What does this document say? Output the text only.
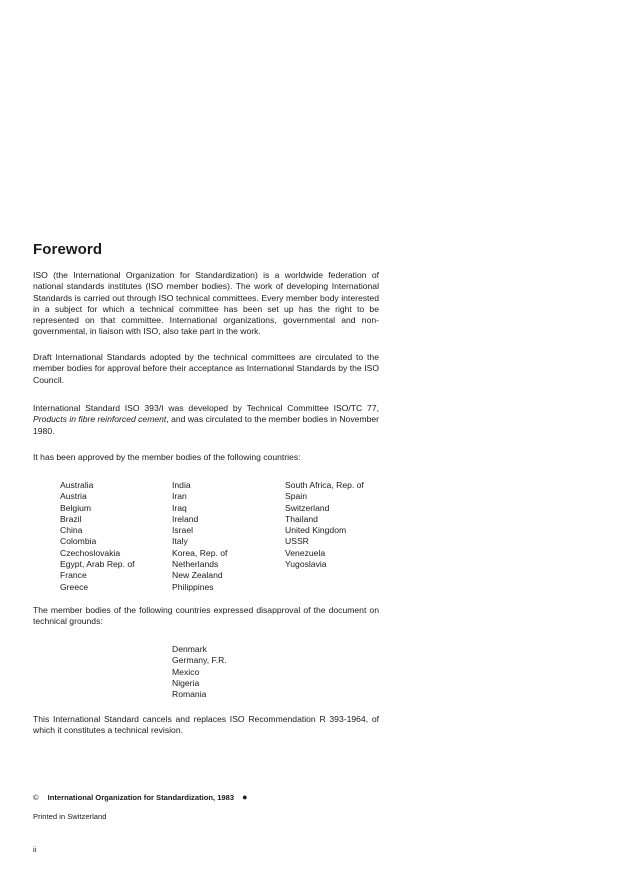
Foreword
ISO (the International Organization for Standardization) is a worldwide federation of national standards institutes (ISO member bodies). The work of developing International Standards is carried out through ISO technical committees. Every member body interested in a subject for which a technical committee has been set up has the right to be represented on that committee. International organizations, governmental and non-governmental, in liaison with ISO, also take part in the work.
Draft International Standards adopted by the technical committees are circulated to the member bodies for approval before their acceptance as International Standards by the ISO Council.
International Standard ISO 393/I was developed by Technical Committee ISO/TC 77, Products in fibre reinforced cement, and was circulated to the member bodies in November 1980.
It has been approved by the member bodies of the following countries:
Australia
Austria
Belgium
Brazil
China
Colombia
Czechoslovakia
Egypt, Arab Rep. of
France
Greece
India
Iran
Iraq
Ireland
Israel
Italy
Korea, Rep. of
Netherlands
New Zealand
Philippines
South Africa, Rep. of
Spain
Switzerland
Thailand
United Kingdom
USSR
Venezuela
Yugoslavia
The member bodies of the following countries expressed disapproval of the document on technical grounds:
Denmark
Germany, F.R.
Mexico
Nigeria
Romania
This International Standard cancels and replaces ISO Recommendation R 393-1964, of which it constitutes a technical revision.
© International Organization for Standardization, 1983 ●
Printed in Switzerland
ii
